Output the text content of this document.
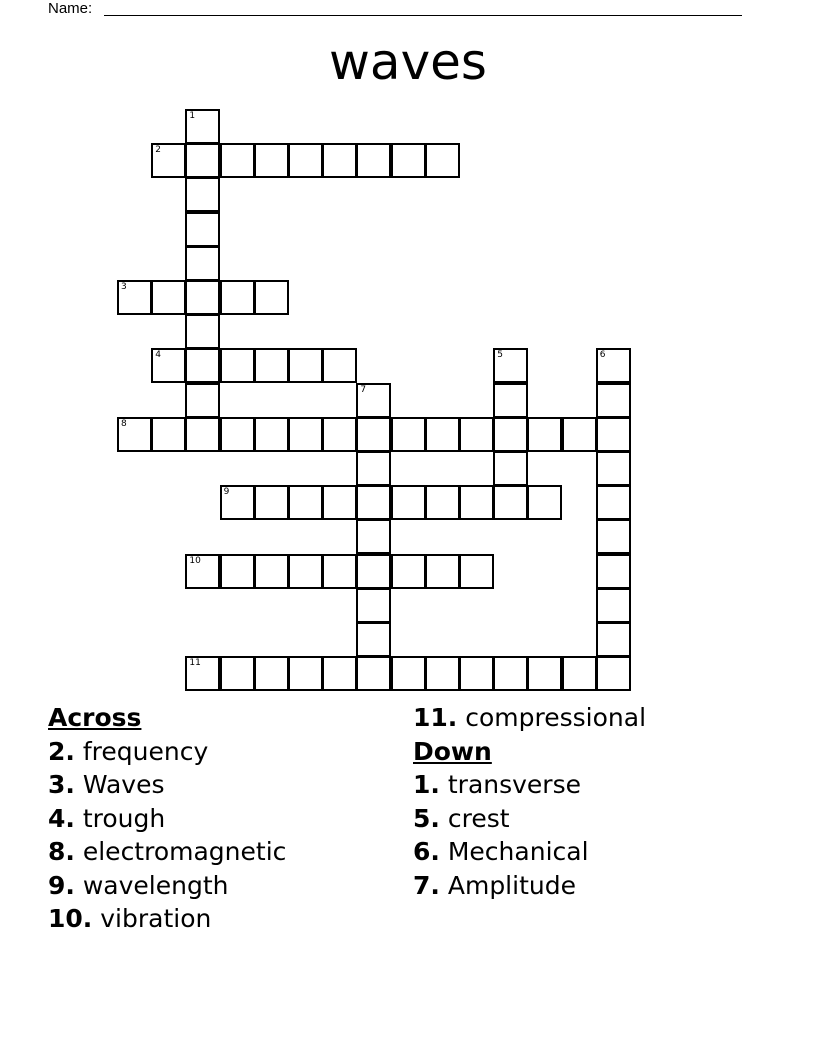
Name:
waves
1
2
3
4	5	6
7
8
9
10
11
Across
2. frequency
3. Waves
4. trough
8. electromagnetic
9. wavelength
10. vibration
11. compressional
Down
1. transverse
5. crest
6. Mechanical
7. Amplitude
